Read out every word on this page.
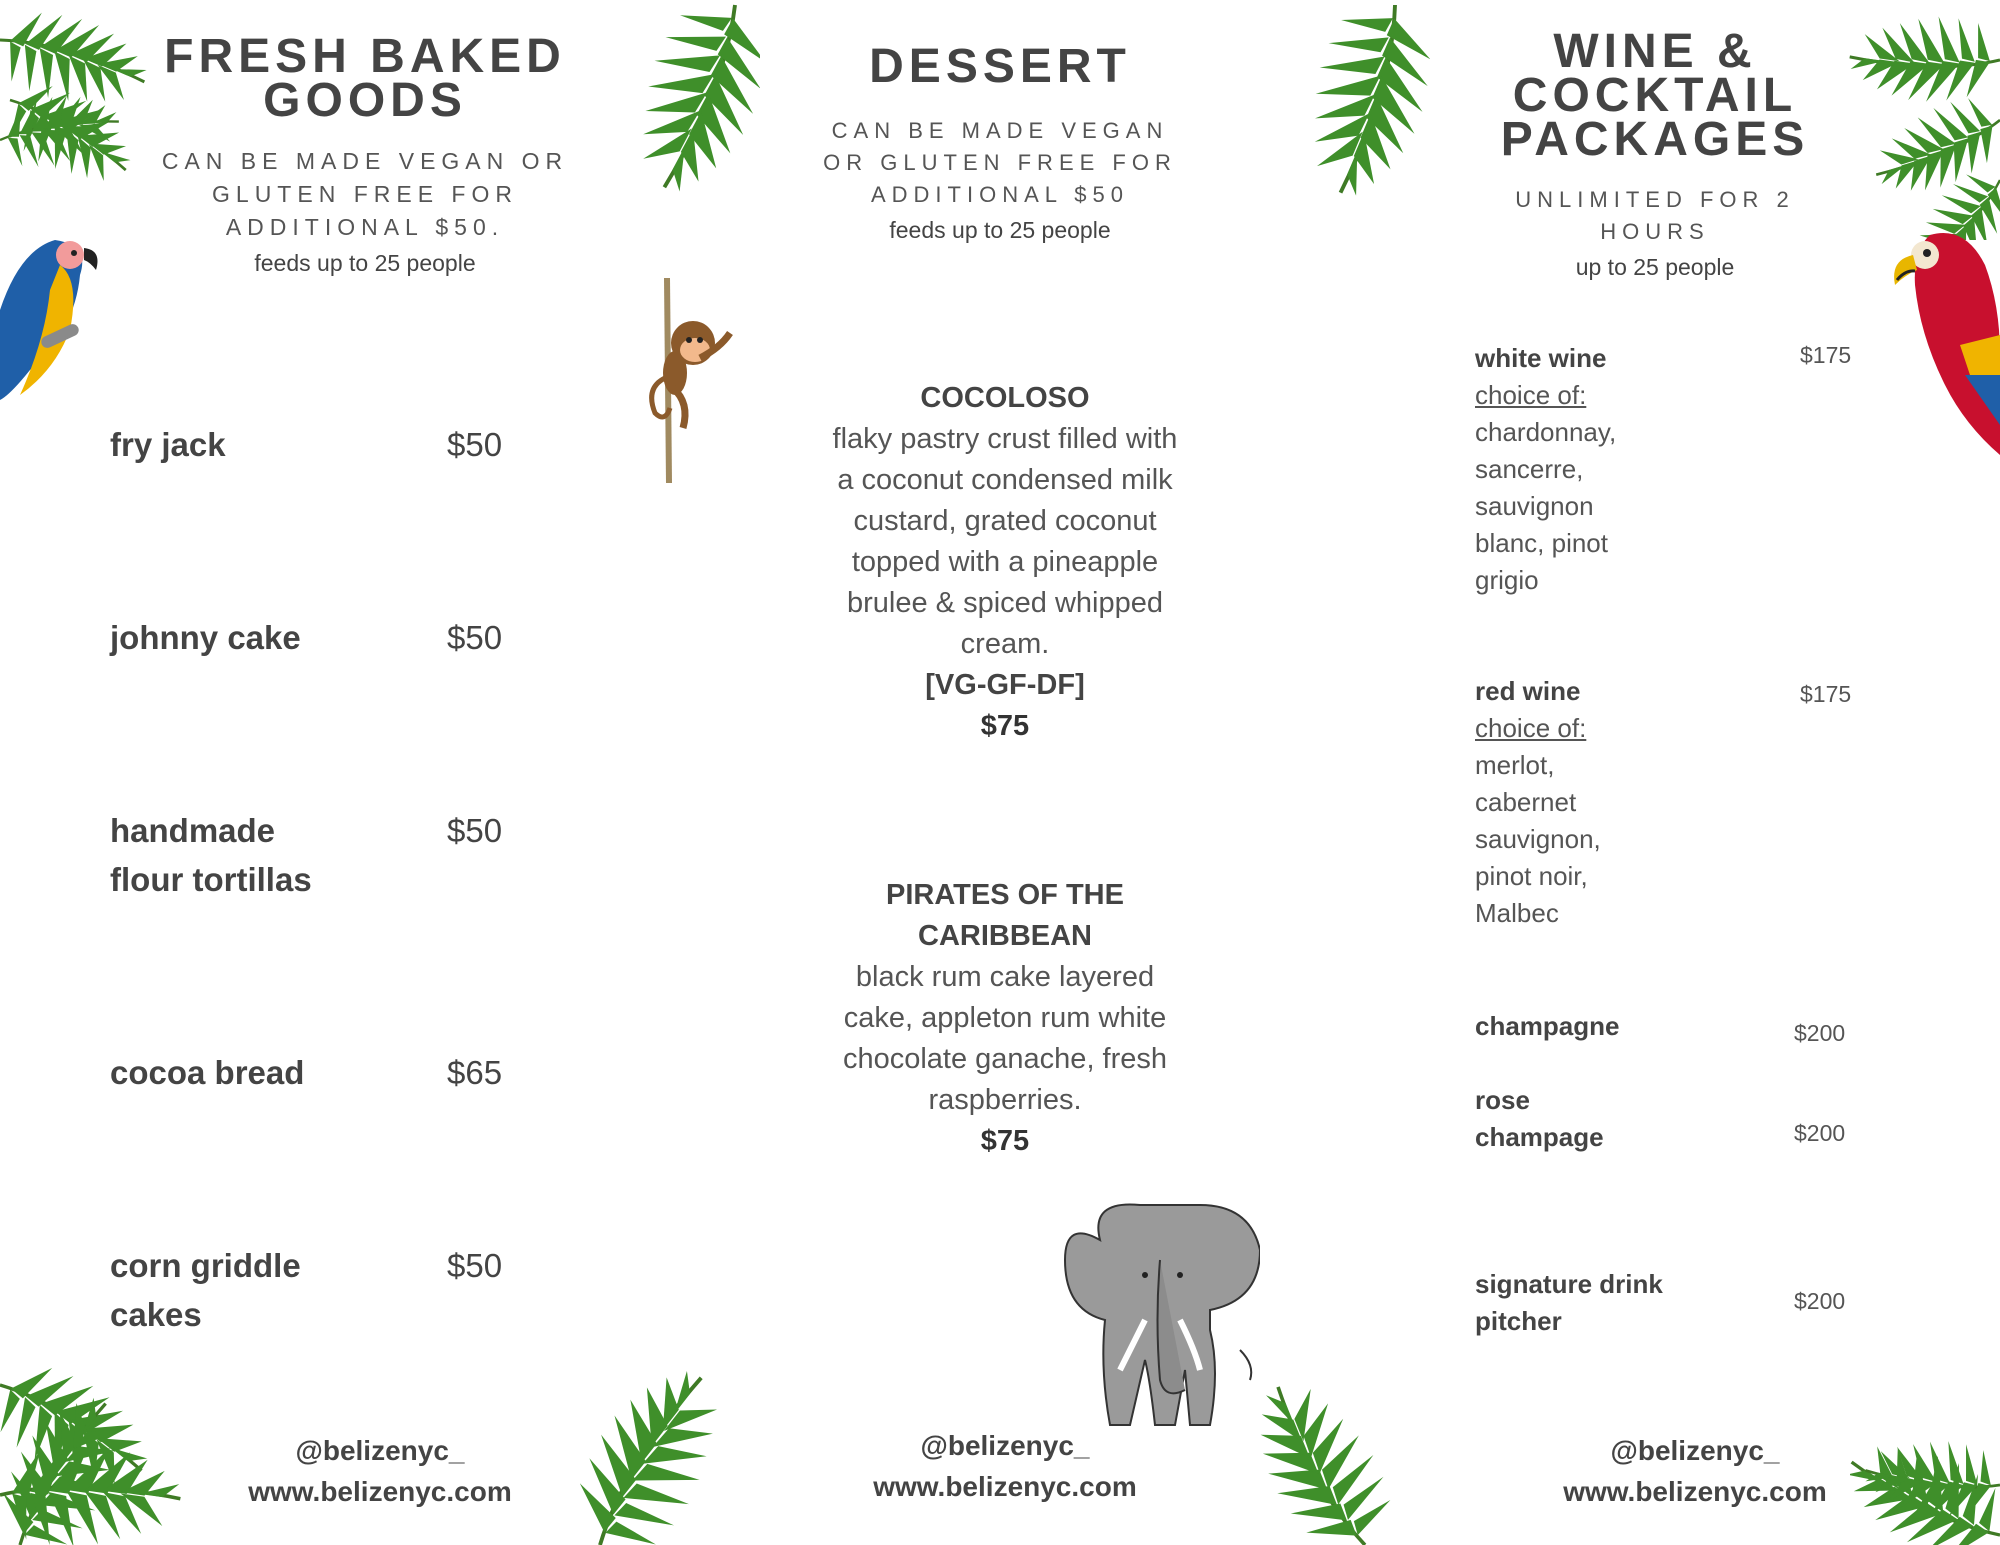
FRESH BAKED
GOODS

CAN BE MADE VEGAN OR
GLUTEN FREE FOR
ADDITIONAL $50.

feeds up to 25 people

fry jack	$50
johnny cake	$50
handmade
flour tortillas
$50
cocoa bread	$65
corn griddle
cakes
$50
@belizenyc_
www.belizenyc.com
DESSERT

CAN BE MADE VEGAN
OR GLUTEN FREE FOR
ADDITIONAL $50

feeds up to 25 people

COCOLOSO
flaky pastry crust filled with
a coconut condensed milk
custard, grated coconut
topped with a pineapple
brulee & spiced whipped
cream.
[VG-GF-DF]
$75
PIRATES OF THE
CARIBBEAN
black rum cake layered
cake, appleton rum white
chocolate ganache, fresh
raspberries.
$75
@belizenyc_
www.belizenyc.com
WINE &
COCKTAIL
PACKAGES

UNLIMITED FOR 2
HOURS

up to 25 people

white wine
choice of:
chardonnay,
sancerre,
sauvignon
blanc, pinot
grigio
$175
red wine
choice of:
merlot,
cabernet
sauvignon,
pinot noir,
Malbec
$175
champagne	$200
rose
champage	$200
signature drink
pitcher
$200
@belizenyc_
www.belizenyc.com
